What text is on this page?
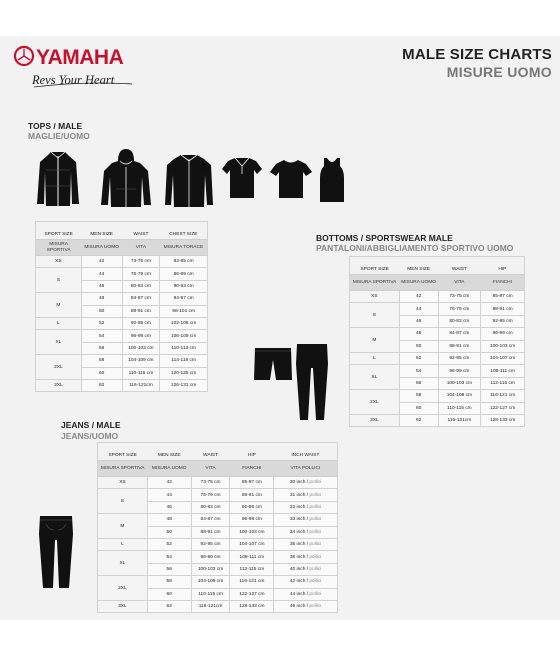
YAMAHA
Revs Your Heart
MALE SIZE CHARTS
MISURE UOMO
TOPS / MALE
MAGLIE/UOMO
SPORT SIZE	MEN SIZE	WAIST	CHEST SIZE
MISURA SPORTIVA	MISURA UOMO	VITA	MISURA TORACE
XS	42	73-75 cm	83-85 cm
S	44	76-79 cm	86-89 cm
	46	80-83 cm	90-93 cm
M	48	84-87 cm	94-97 cm
	50	88-91 cm	98-101 cm
L	52	92-95 cm	102-105 cm
XL	54	96-99 cm	106-109 cm
	56	100-103 cm	110-113 cm
2XL	58	104-109 cm	114-119 cm
	60	110-115 cm	120-125 cm
3XL	62	116-121cm	126-131 cm
BOTTOMS / SPORTSWEAR MALE
PANTALONI/ABBIGLIAMENTO SPORTIVO UOMO
SPORT SIZE	MEN SIZE	WAIST	HIP
MISURA SPORTIVA	MISURA UOMO	VITA	FIANCHI
XS	42	73-75 cm	85-87 cm
S	44	76-79 cm	88-91 cm
	46	80-83 cm	92-95 cm
M	48	84-87 cm	96-99 cm
	50	88-91 cm	100-103 cm
L	52	92-95 cm	104-107 cm
XL	54	96-99 cm	108-111 cm
	56	100-103 cm	112-115 cm
2XL	58	104-109 cm	116-121 cm
	60	110-115 cm	122-127 cm
3XL	62	116-121cm	128-133 cm
JEANS / MALE
JEANS/UOMO
SPORT SIZE	MEN SIZE	WAIST	HIP	INCH WAIST
MISURA SPORTIVA	MISURA UOMO	VITA	FIANCHI	VITA POLLICI
XS	42	73-75 cm	85-87 cm	30 inch / pollici
S	44	76-79 cm	88-91 cm	31 inch / pollici
	46	80-83 cm	92-95 cm	32 inch / pollici
M	48	84-87 cm	96-99 cm	33 inch / pollici
	50	88-91 cm	100-103 cm	34 inch / pollici
L	52	92-95 cm	104-107 cm	36 inch / pollici
XL	54	96-99 cm	108-111 cm	38 inch / pollici
	56	100-103 cm	112-115 cm	40 inch / pollici
2XL	58	104-109 cm	116-121 cm	42 inch / pollici
	60	110-115 cm	122-127 cm	44 inch / pollici
3XL	62	116-121cm	128-133 cm	46 inch / pollici
